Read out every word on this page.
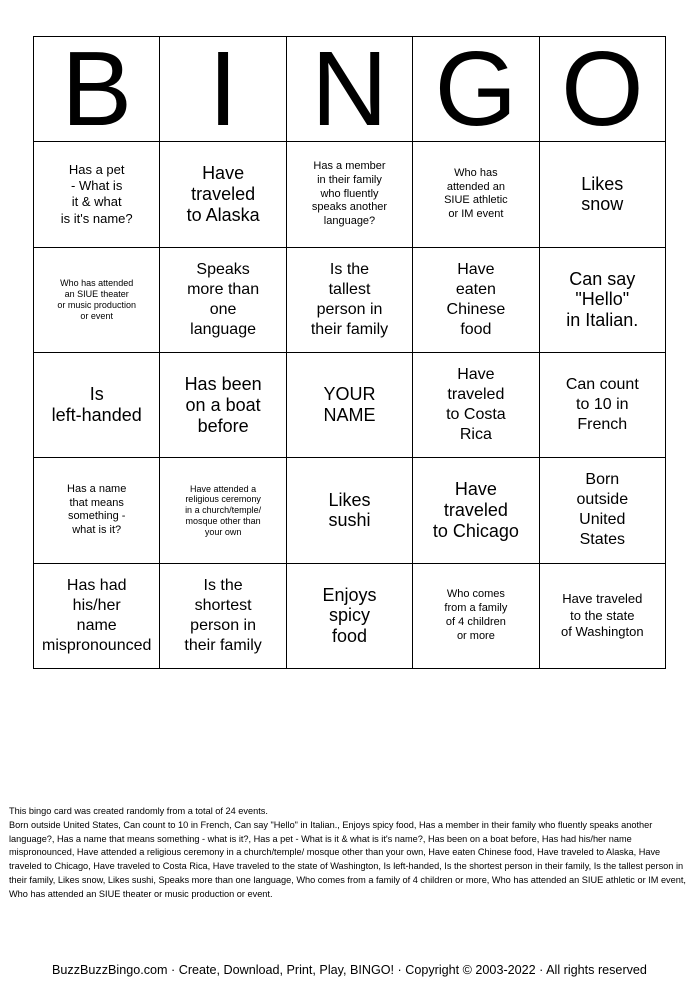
B I N G O
Has a pet
- What is
it & what
is it's name?
Have
traveled
to Alaska
Has a member
in their family
who fluently
speaks another
language?
Who has
attended an
SIUE athletic
or IM event
Likes
snow
Who has attended
an SIUE theater
or music production
or event
Speaks
more than
one
language
Is the
tallest
person in
their family
Have
eaten
Chinese
food
Can say
"Hello"
in Italian.
Is
left-handed
Has been
on a boat
before
YOUR
NAME
Have
traveled
to Costa
Rica
Can count
to 10 in
French
Has a name
that means
something -
what is it?
Have attended a
religious ceremony
in a church/temple/
mosque other than
your own
Likes
sushi
Have
traveled
to Chicago
Born
outside
United
States
Has had
his/her
name
mispronounced
Is the
shortest
person in
their family
Enjoys
spicy
food
Who comes
from a family
of 4 children
or more
Have traveled
to the state
of Washington

This bingo card was created randomly from a total of 24 events.

Born outside United States, Can count to 10 in French, Can say "Hello" in Italian., Enjoys spicy food, Has a member in their family who fluently speaks another language?, Has a name that means something - what is it?, Has a pet - What is it & what is it's name?, Has been on a boat before, Has had his/her name mispronounced, Have attended a religious ceremony in a church/temple/ mosque other than your own, Have eaten Chinese food, Have traveled to Alaska, Have traveled to Chicago, Have traveled to Costa Rica, Have traveled to the state of Washington, Is left-handed, Is the shortest person in their family, Is the tallest person in their family, Likes snow, Likes sushi, Speaks more than one language, Who comes from a family of 4 children or more, Who has attended an SIUE athletic or IM event, Who has attended an SIUE theater or music production or event.

BuzzBuzzBingo.com · Create, Download, Print, Play, BINGO! · Copyright © 2003-2022 · All rights reserved
